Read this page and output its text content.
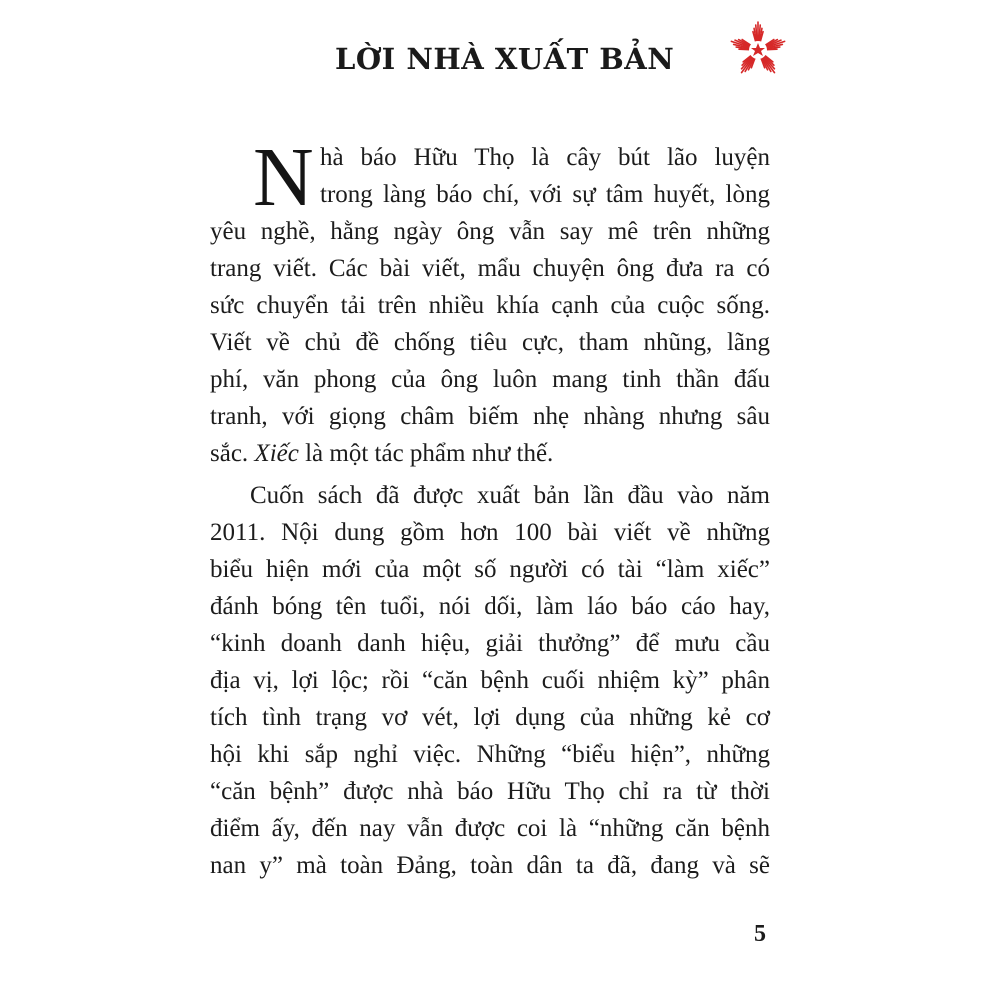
LỜI NHÀ XUẤT BẢN
N hà báo Hữu Thọ là cây bút lão luyện
trong làng báo chí, với sự tâm huyết, lòng
yêu nghề, hằng ngày ông vẫn say mê trên những
trang viết. Các bài viết, mẩu chuyện ông đưa ra có
sức chuyển tải trên nhiều khía cạnh của cuộc sống.
Viết về chủ đề chống tiêu cực, tham nhũng, lãng
phí, văn phong của ông luôn mang tinh thần đấu
tranh, với giọng châm biếm nhẹ nhàng nhưng sâu
sắc. Xiếc là một tác phẩm như thế.
Cuốn sách đã được xuất bản lần đầu vào năm
2011. Nội dung gồm hơn 100 bài viết về những
biểu hiện mới của một số người có tài “làm xiếc”
đánh bóng tên tuổi, nói dối, làm láo báo cáo hay,
“kinh doanh danh hiệu, giải thưởng” để mưu cầu
địa vị, lợi lộc; rồi “căn bệnh cuối nhiệm kỳ” phân
tích tình trạng vơ vét, lợi dụng của những kẻ cơ
hội khi sắp nghỉ việc. Những “biểu hiện”, những
“căn bệnh” được nhà báo Hữu Thọ chỉ ra từ thời
điểm ấy, đến nay vẫn được coi là “những căn bệnh
nan y” mà toàn Đảng, toàn dân ta đã, đang và sẽ
5
